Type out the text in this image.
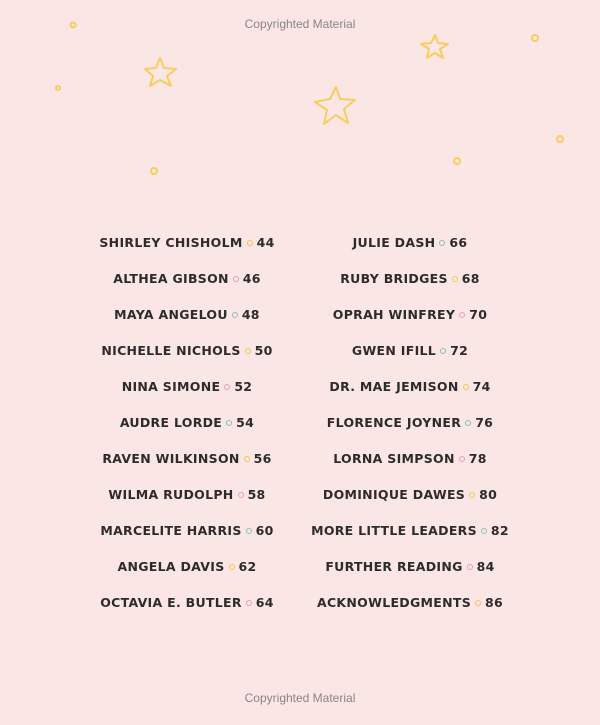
Copyrighted Material
SHIRLEY CHISHOLM 44
ALTHEA GIBSON 46
MAYA ANGELOU 48
NICHELLE NICHOLS 50
NINA SIMONE 52
AUDRE LORDE 54
RAVEN WILKINSON 56
WILMA RUDOLPH 58
MARCELITE HARRIS 60
ANGELA DAVIS 62
OCTAVIA E. BUTLER 64
JULIE DASH 66
RUBY BRIDGES 68
OPRAH WINFREY 70
GWEN IFILL 72
DR. MAE JEMISON 74
FLORENCE JOYNER 76
LORNA SIMPSON 78
DOMINIQUE DAWES 80
MORE LITTLE LEADERS 82
FURTHER READING 84
ACKNOWLEDGMENTS 86
Copyrighted Material
